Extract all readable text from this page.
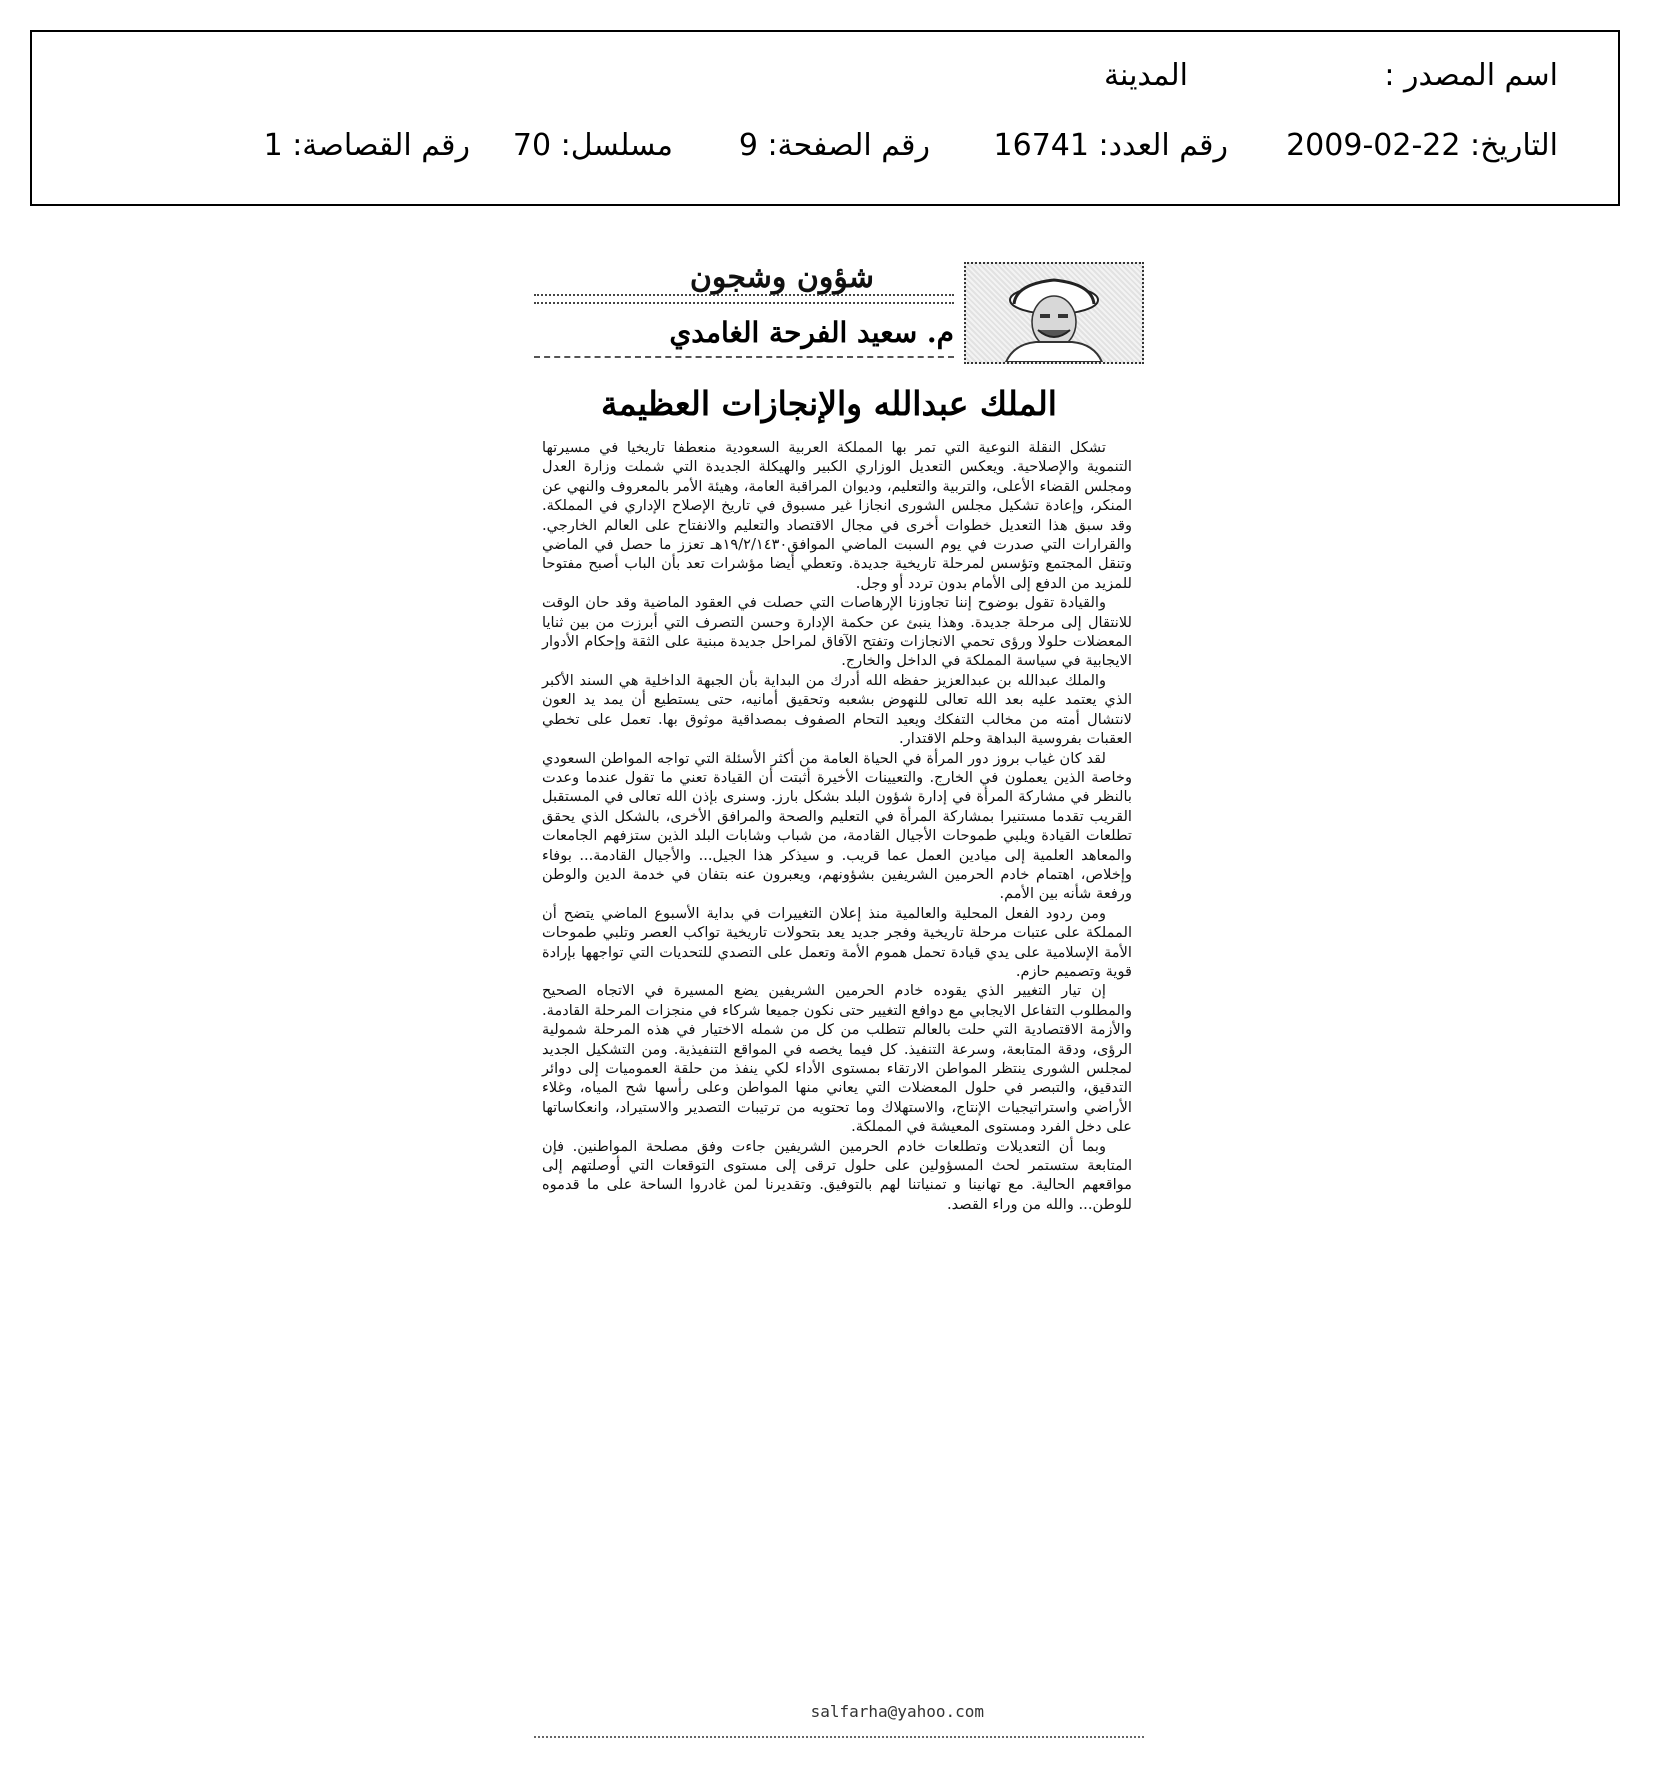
اسم المصدر :
المدينة
التاريخ: 22-02-2009
رقم العدد: 16741
رقم الصفحة: 9
مسلسل: 70
رقم القصاصة: 1
شؤون وشجون
م. سعيد الفرحة الغامدي
الملك عبدالله والإنجازات العظيمة

تشكل النقلة النوعية التي تمر بها المملكة العربية السعودية منعطفا تاريخيا في مسيرتها التنموية والإصلاحية. ويعكس التعديل الوزاري الكبير والهيكلة الجديدة التي شملت وزارة العدل ومجلس القضاء الأعلى، والتربية والتعليم، وديوان المراقبة العامة، وهيئة الأمر بالمعروف والنهي عن المنكر، وإعادة تشكيل مجلس الشورى انجازا غير مسبوق في تاريخ الإصلاح الإداري في المملكة. وقد سبق هذا التعديل خطوات أخرى في مجال الاقتصاد والتعليم والانفتاح على العالم الخارجي. والقرارات التي صدرت في يوم السبت الماضي الموافق١٩/٢/١٤٣٠هـ تعزز ما حصل في الماضي وتنقل المجتمع وتؤسس لمرحلة تاريخية جديدة. وتعطي أيضا مؤشرات تعد بأن الباب أصبح مفتوحا للمزيد من الدفع إلى الأمام بدون تردد أو وجل.

والقيادة تقول بوضوح إننا تجاوزنا الإرهاصات التي حصلت في العقود الماضية وقد حان الوقت للانتقال إلى مرحلة جديدة. وهذا ينبئ عن حكمة الإدارة وحسن التصرف التي أبرزت من بين ثنايا المعضلات حلولا ورؤى تحمي الانجازات وتفتح الآفاق لمراحل جديدة مبنية على الثقة وإحكام الأدوار الايجابية في سياسة المملكة في الداخل والخارج.

والملك عبدالله بن عبدالعزيز حفظه الله أدرك من البداية بأن الجبهة الداخلية هي السند الأكبر الذي يعتمد عليه بعد الله تعالى للنهوض بشعبه وتحقيق أمانيه، حتى يستطيع أن يمد يد العون لانتشال أمته من مخالب التفكك ويعيد التحام الصفوف بمصداقية موثوق بها. تعمل على تخطي العقبات بفروسية البداهة وحلم الاقتدار.

لقد كان غياب بروز دور المرأة في الحياة العامة من أكثر الأسئلة التي تواجه المواطن السعودي وخاصة الذين يعملون في الخارج. والتعيينات الأخيرة أثبتت أن القيادة تعني ما تقول عندما وعدت بالنظر في مشاركة المرأة في إدارة شؤون البلد بشكل بارز. وسنرى بإذن الله تعالى في المستقبل القريب تقدما مستنيرا بمشاركة المرأة في التعليم والصحة والمرافق الأخرى، بالشكل الذي يحقق تطلعات القيادة ويلبي طموحات الأجيال القادمة، من شباب وشابات البلد الذين ستزفهم الجامعات والمعاهد العلمية إلى ميادين العمل عما قريب. و سيذكر هذا الجيل... والأجيال القادمة... بوفاء وإخلاص، اهتمام خادم الحرمين الشريفين بشؤونهم، ويعبرون عنه بتفان في خدمة الدين والوطن ورفعة شأنه بين الأمم.

ومن ردود الفعل المحلية والعالمية منذ إعلان التغييرات في بداية الأسبوع الماضي يتضح أن المملكة على عتبات مرحلة تاريخية وفجر جديد يعد بتحولات تاريخية تواكب العصر وتلبي طموحات الأمة الإسلامية على يدي قيادة تحمل هموم الأمة وتعمل على التصدي للتحديات التي تواجهها بإرادة قوية وتصميم حازم.

إن تيار التغيير الذي يقوده خادم الحرمين الشريفين يضع المسيرة في الاتجاه الصحيح والمطلوب التفاعل الايجابي مع دوافع التغيير حتى نكون جميعا شركاء في منجزات المرحلة القادمة. والأزمة الاقتصادية التي حلت بالعالم تتطلب من كل من شمله الاختيار في هذه المرحلة شمولية الرؤى، ودقة المتابعة، وسرعة التنفيذ. كل فيما يخصه في المواقع التنفيذية. ومن التشكيل الجديد لمجلس الشورى ينتظر المواطن الارتقاء بمستوى الأداء لكي ينفذ من حلقة العموميات إلى دوائر التدقيق، والتبصر في حلول المعضلات التي يعاني منها المواطن وعلى رأسها شح المياه، وغلاء الأراضي واستراتيجيات الإنتاج، والاستهلاك وما تحتويه من ترتيبات التصدير والاستيراد، وانعكاساتها على دخل الفرد ومستوى المعيشة في المملكة.

وبما أن التعديلات وتطلعات خادم الحرمين الشريفين جاءت وفق مصلحة المواطنين. فإن المتابعة ستستمر لحث المسؤولين على حلول ترقى إلى مستوى التوقعات التي أوصلتهم إلى مواقعهم الحالية. مع تهانينا و تمنياتنا لهم بالتوفيق. وتقديرنا لمن غادروا الساحة على ما قدموه للوطن... والله من وراء القصد.

salfarha@yahoo.com
